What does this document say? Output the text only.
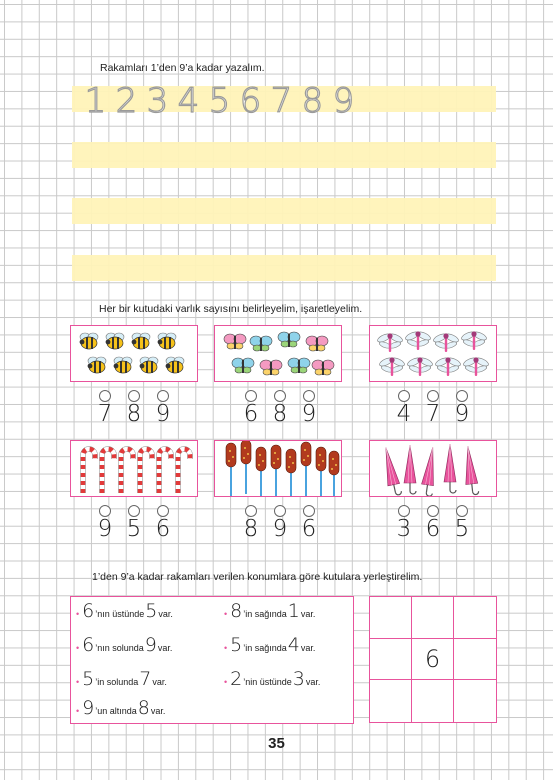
Rakamları 1’den 9’a kadar yazalım.
1 2 3 4 5 6 7 8 9
Her bir kutudaki varlık sayısını belirleyelim, işaretleyelim.
7 8 9	6 8 9	4 7 9
9 5 6	8 9 6	3 6 5
1’den 9’a kadar rakamları verilen konumlara göre kutulara yerleştirelim.
• 6 ’nın üstünde 5 var.	• 8 ’in sağında 1 var.
• 6 ’nın solunda 9 var.	• 5 ’in sağında 4 var.
• 5 ’in solunda 7 var.	• 2 ’nin üstünde 3 var.
• 9 ’un altında 8 var.
6
35
